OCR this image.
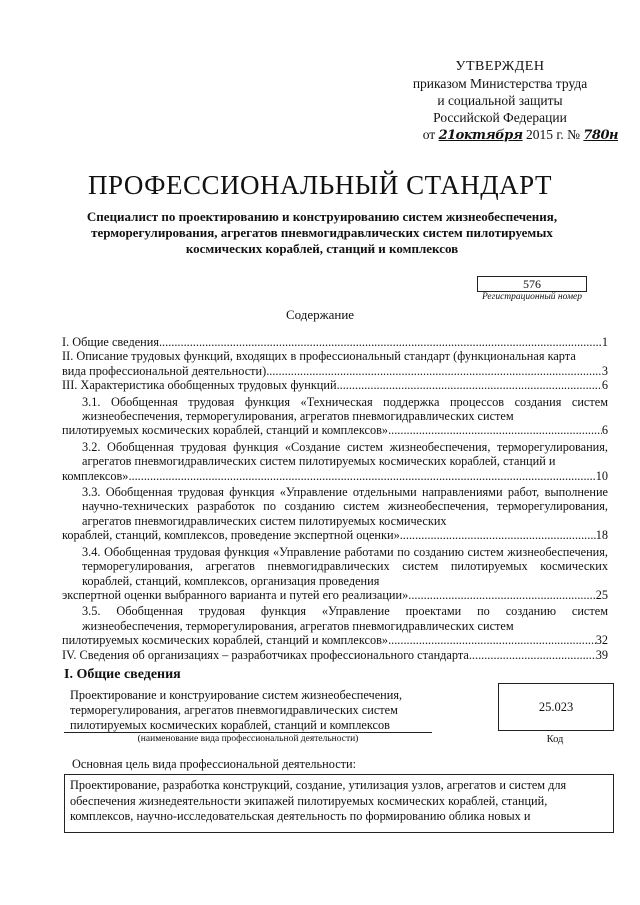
УТВЕРЖДЕН
приказом Министерства труда
и социальной защиты
Российской Федерации
от 21октября 2015 г. № 780н
ПРОФЕССИОНАЛЬНЫЙ СТАНДАРТ
Специалист по проектированию и конструированию систем жизнеобеспечения, терморегулирования, агрегатов пневмогидравлических систем пилотируемых космических кораблей, станций и комплексов
576
Регистрационный номер
Содержание
I. Общие сведения .....	1
II. Описание трудовых функций, входящих в профессиональный стандарт (функциональная карта
вида профессиональной деятельности) .....	3
III. Характеристика обобщенных трудовых функций .....	6
3.1. Обобщенная трудовая функция «Техническая поддержка процессов создания систем жизнеобеспечения, терморегулирования, агрегатов пневмогидравлических систем
пилотируемых космических кораблей, станций и комплексов» .....	6
3.2. Обобщенная трудовая функция «Создание систем жизнеобеспечения, терморегулирования, агрегатов пневмогидравлических систем пилотируемых космических кораблей, станций и
комплексов» .....	10
3.3. Обобщенная трудовая функция «Управление отдельными направлениями работ, выполнение научно-технических разработок по созданию систем жизнеобеспечения, терморегулирования, агрегатов пневмогидравлических систем пилотируемых космических
кораблей, станций, комплексов, проведение экспертной оценки» .....	18
3.4. Обобщенная трудовая функция «Управление работами по созданию систем жизнеобеспечения, терморегулирования, агрегатов пневмогидравлических систем пилотируемых космических кораблей, станций, комплексов, организация проведения
экспертной оценки выбранного варианта и путей его реализации» .....	25
3.5. Обобщенная трудовая функция «Управление проектами по созданию систем жизнеобеспечения, терморегулирования, агрегатов пневмогидравлических систем
пилотируемых космических кораблей, станций и комплексов» .....	32
IV. Сведения об организациях – разработчиках профессионального стандарта .....	39
I. Общие сведения
Проектирование и конструирование систем жизнеобеспечения, терморегулирования, агрегатов пневмогидравлических систем пилотируемых космических кораблей, станций и комплексов
(наименование вида профессиональной деятельности)
25.023
Код
Основная цель вида профессиональной деятельности:
Проектирование, разработка конструкций, создание, утилизация узлов, агрегатов и систем для обеспечения жизнедеятельности экипажей пилотируемых космических кораблей, станций, комплексов, научно-исследовательская деятельность по формированию облика новых и
